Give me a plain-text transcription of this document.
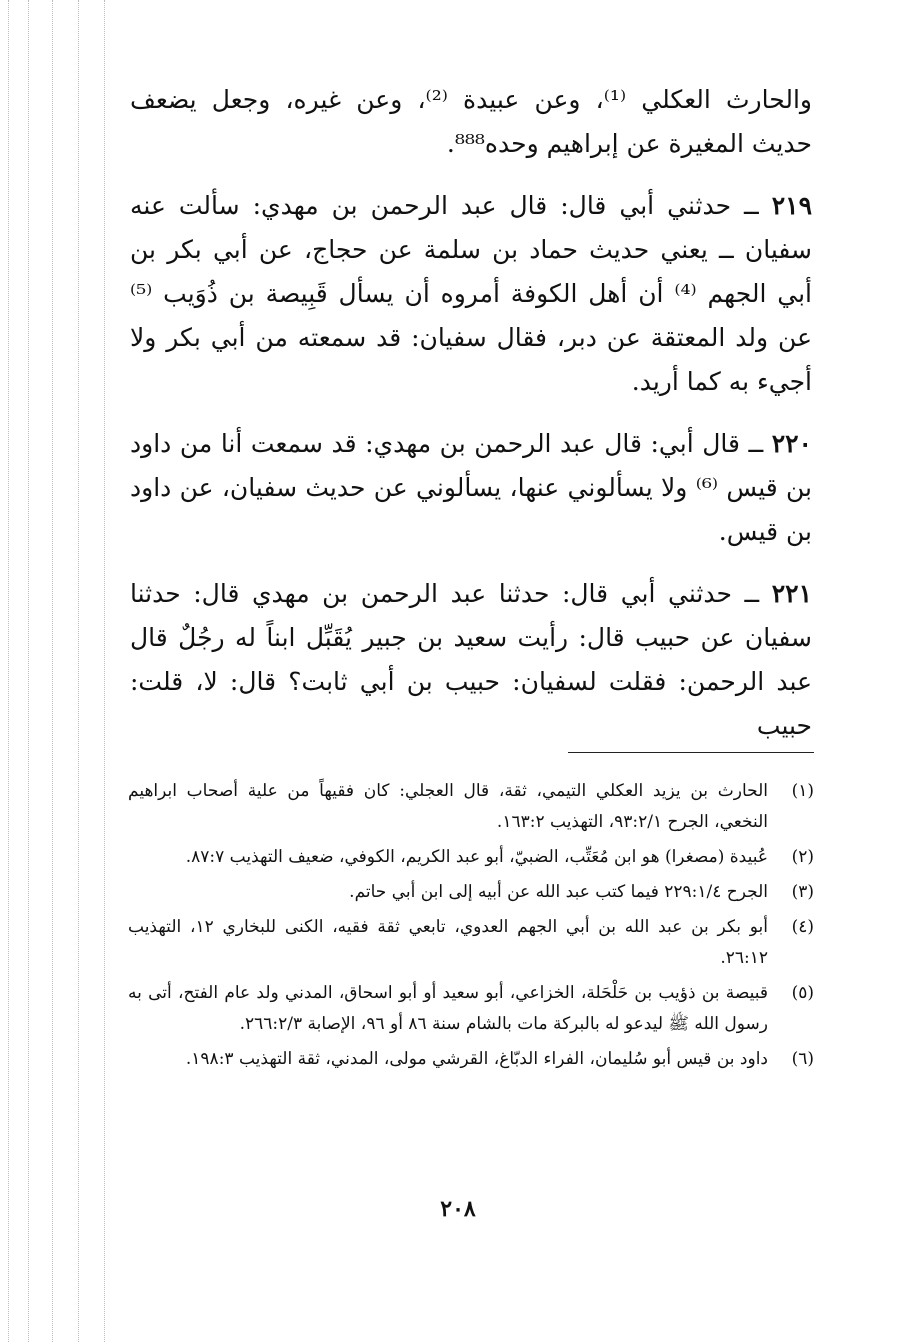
والحارث العكلي ⁽¹⁾، وعن عبيدة ⁽²⁾، وعن غيره، وجعل يضعف حديث المغيرة عن إبراهيم وحده⁸⁸⁸.

٢١٩ ــ حدثني أبي قال: قال عبد الرحمن بن مهدي: سألت عنه سفيان ــ يعني حديث حماد بن سلمة عن حجاج، عن أبي بكر بن أبي الجهم ⁽⁴⁾ أن أهل الكوفة أمروه أن يسأل قَبِيصة بن ذُوَيب ⁽⁵⁾ عن ولد المعتقة عن دبر، فقال سفيان: قد سمعته من أبي بكر ولا أجيء به كما أريد.

٢٢٠ ــ قال أبي: قال عبد الرحمن بن مهدي: قد سمعت أنا من داود بن قيس ⁽⁶⁾ ولا يسألوني عنها، يسألوني عن حديث سفيان، عن داود بن قيس.

٢٢١ ــ حدثني أبي قال: حدثنا عبد الرحمن بن مهدي قال: حدثنا سفيان عن حبيب قال: رأيت سعيد بن جبير يُقَبِّل ابناً له رجُلٌ قال عبد الرحمن: فقلت لسفيان: حبيب بن أبي ثابت؟ قال: لا، قلت: حبيب

(١)
الحارث بن يزيد العكلي التيمي، ثقة، قال العجلي: كان فقيهاً من علية أصحاب ابراهيم النخعي، الجرح ٩٣:٢/١، التهذيب ١٦٣:٢.
(٢)
عُبيدة (مصغرا) هو ابن مُعَتِّب، الضبيّ، أبو عبد الكريم، الكوفي، ضعيف التهذيب ٨٧:٧.
(٣)
الجرح ٢٢٩:١/٤ فيما كتب عبد الله عن أبيه إلى ابن أبي حاتم.
(٤)
أبو بكر بن عبد الله بن أبي الجهم العدوي، تابعي ثقة فقيه، الكنى للبخاري ١٢، التهذيب ٢٦:١٢.
(٥)
قبيصة بن ذؤيب بن حَلْحَلة، الخزاعي، أبو سعيد أو أبو اسحاق، المدني ولد عام الفتح، أتى به رسول الله ﷺ ليدعو له بالبركة مات بالشام سنة ٨٦ أو ٩٦، الإصابة ٢٦٦:٢/٣.
(٦)
داود بن قيس أبو سُليمان، الفراء الدبّاغ، القرشي مولى، المدني، ثقة التهذيب ١٩٨:٣.
٢٠٨
